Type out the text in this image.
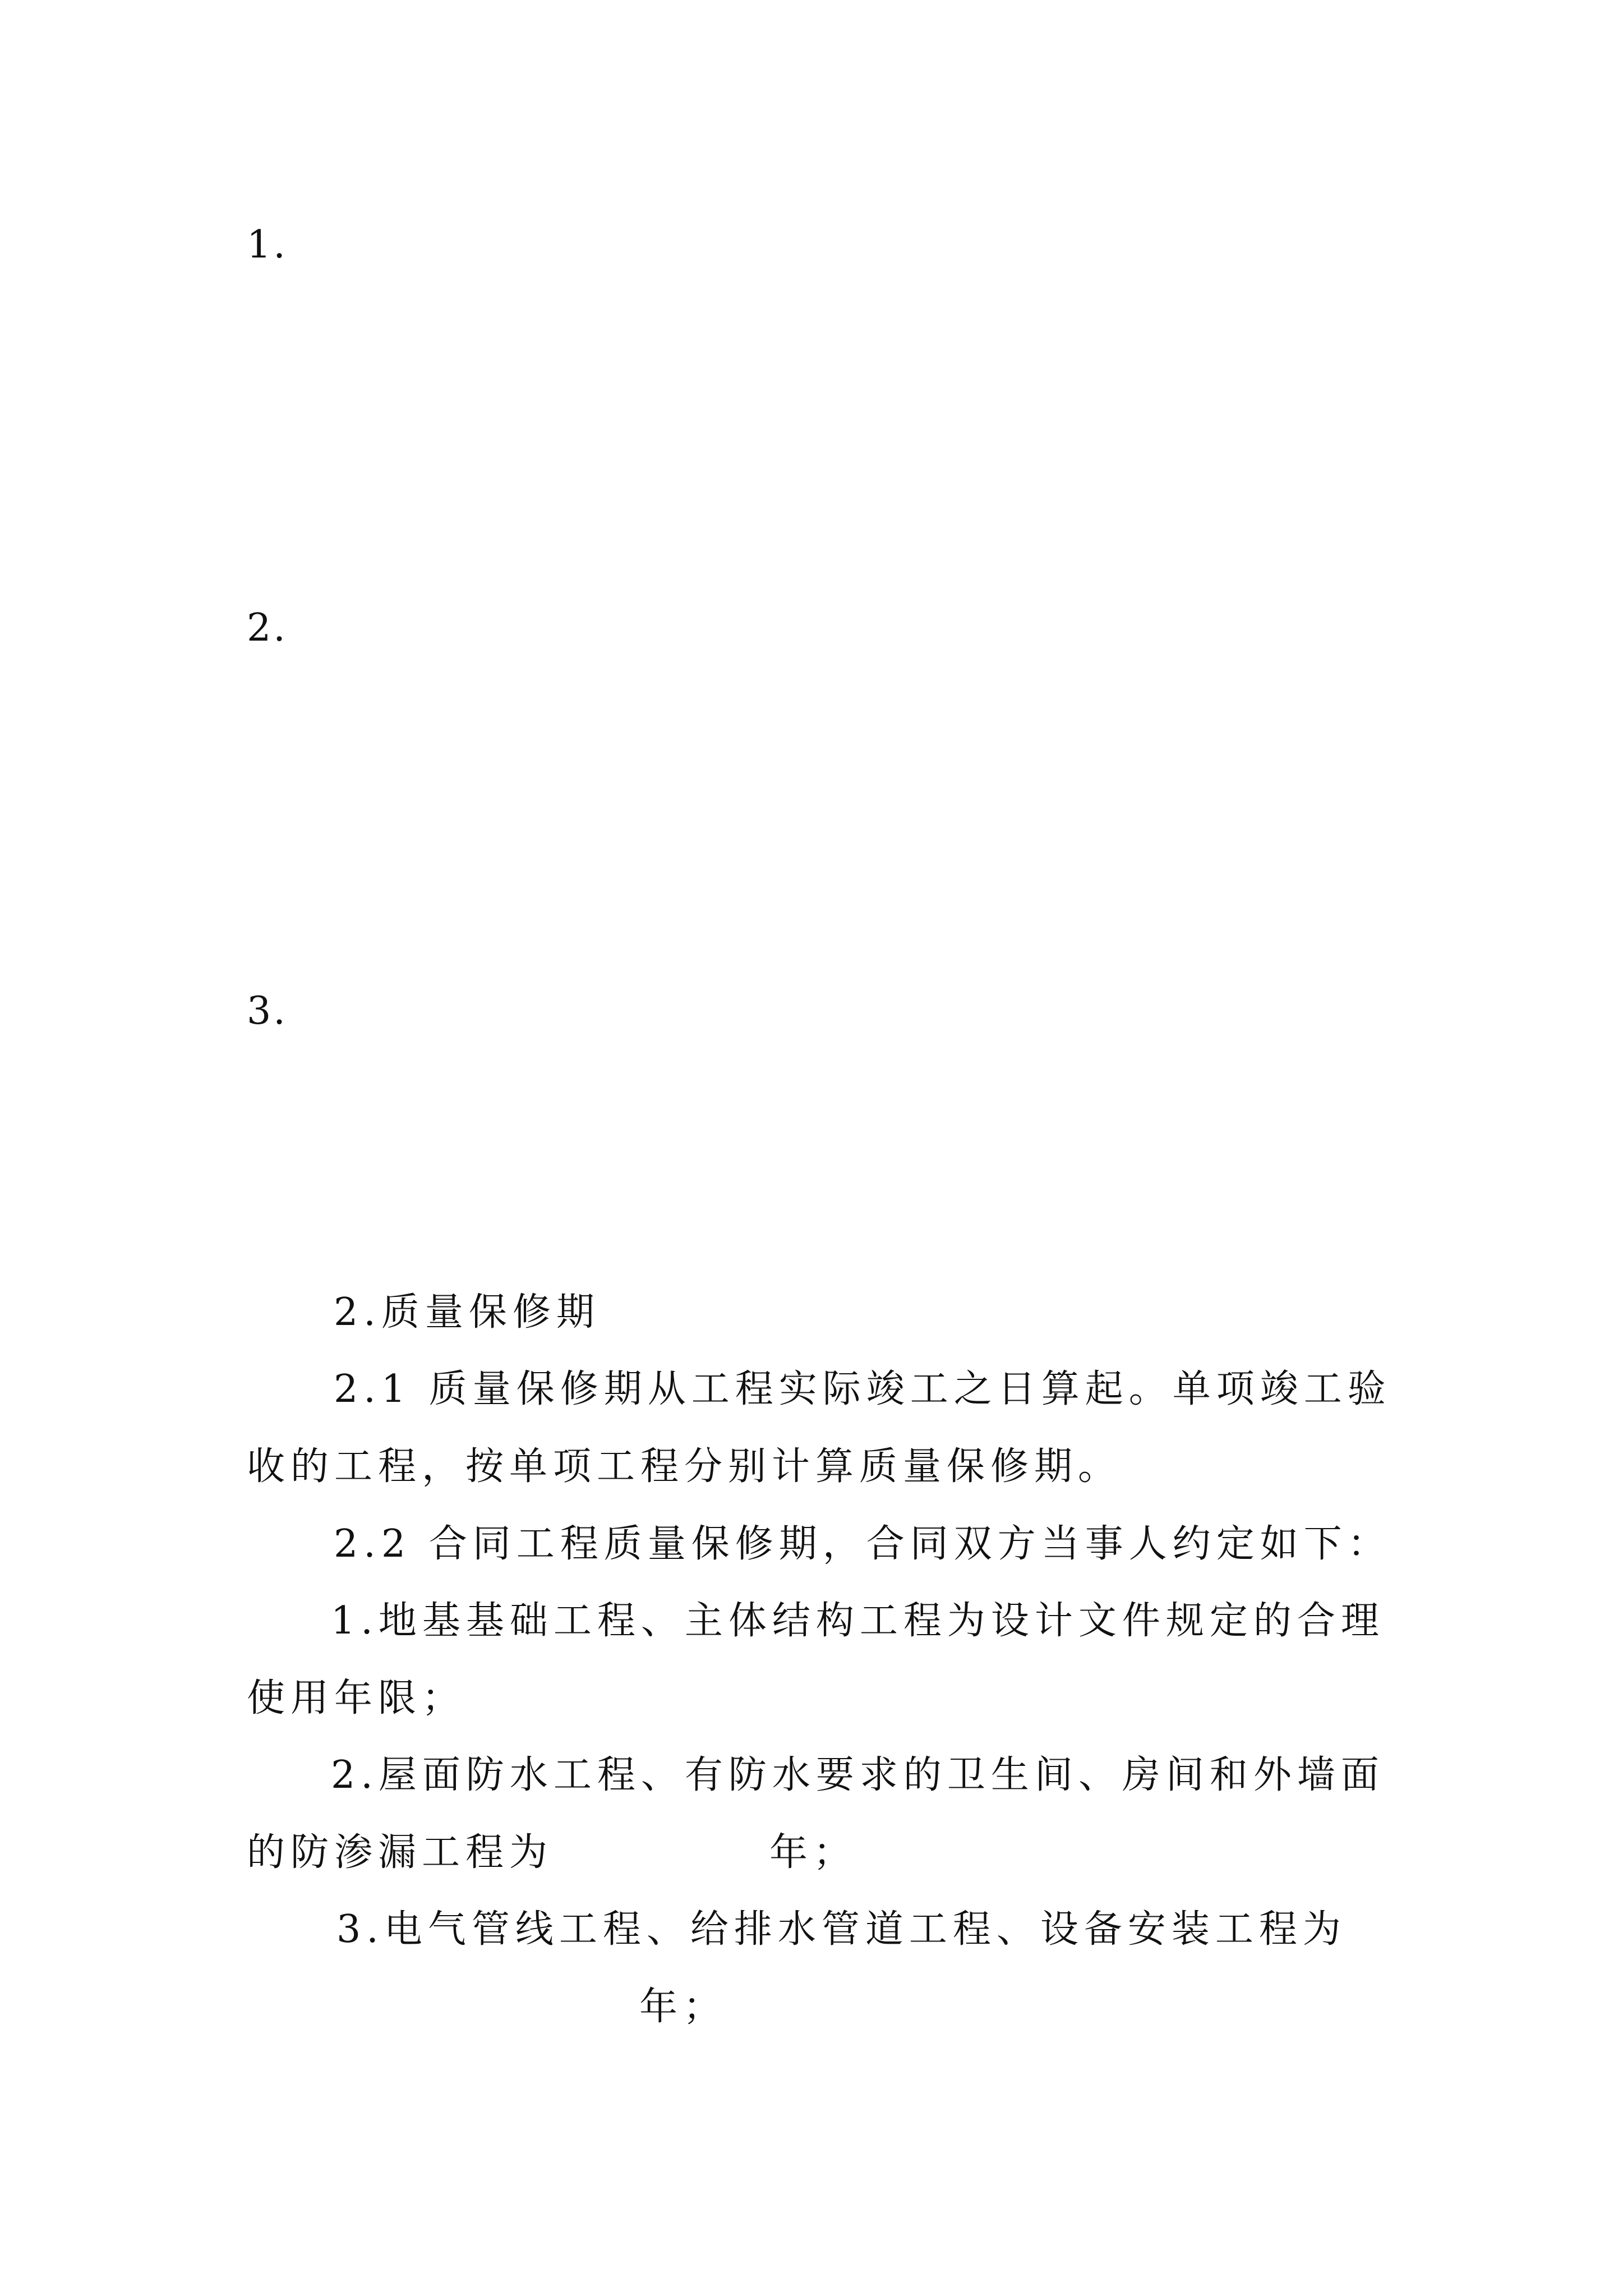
1.

2.

3.

2.质量保修期

2.1 质量保修期从工程实际竣工之日算起。单项竣工验

收的工程，按单项工程分别计算质量保修期。

2.2 合同工程质量保修期，合同双方当事人约定如下：

1.地基基础工程、主体结构工程为设计文件规定的合理

使用年限；

2.屋面防水工程、有防水要求的卫生间、房间和外墙面

的防渗漏工程为	年；

3.电气管线工程、给排水管道工程、设备安装工程为

年；
